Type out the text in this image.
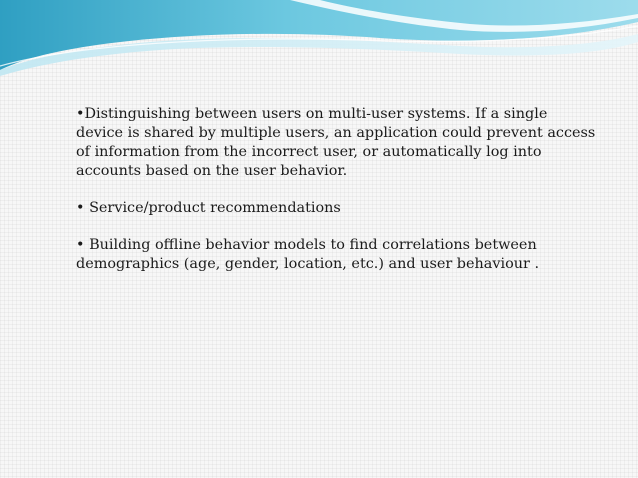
•Distinguishing between users on multi-user systems. If a single device is shared by multiple users, an application could prevent access of information from the incorrect user, or automatically log into accounts based on the user behavior.

• Service/product recommendations

• Building offline behavior models to find correlations between demographics (age, gender, location, etc.) and user behaviour .
